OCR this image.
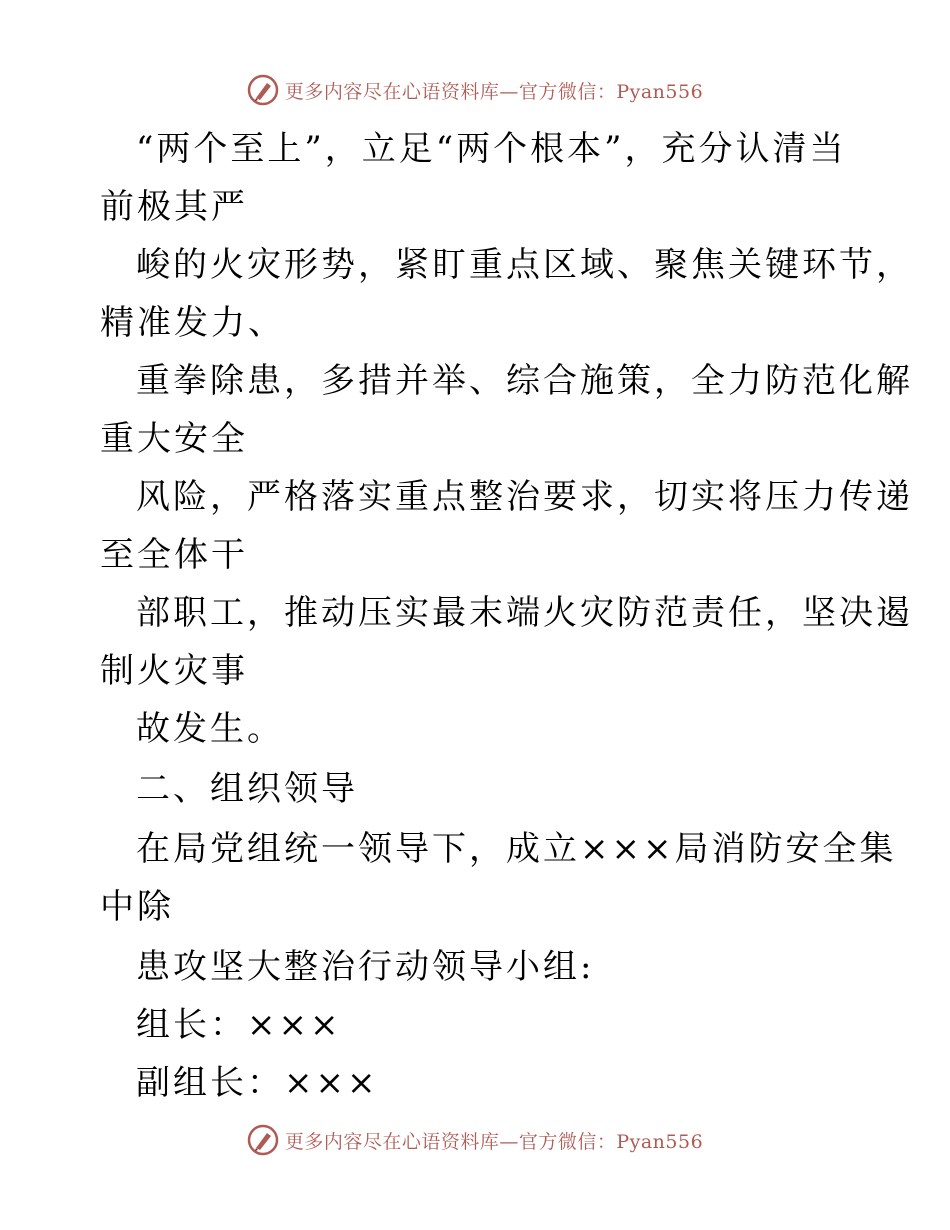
更多内容尽在心语资料库—官方微信：Pyan556
“两个至上”，立足“两个根本”，充分认清当
前极其严
峻的火灾形势，紧盯重点区域、聚焦关键环节，
精准发力、
重拳除患，多措并举、综合施策，全力防范化解
重大安全
风险，严格落实重点整治要求，切实将压力传递
至全体干
部职工，推动压实最末端火灾防范责任，坚决遏
制火灾事
故发生。
二、组织领导
在局党组统一领导下，成立×××局消防安全集
中除
患攻坚大整治行动领导小组:
组长：×××
副组长：×××
更多内容尽在心语资料库—官方微信：Pyan556
